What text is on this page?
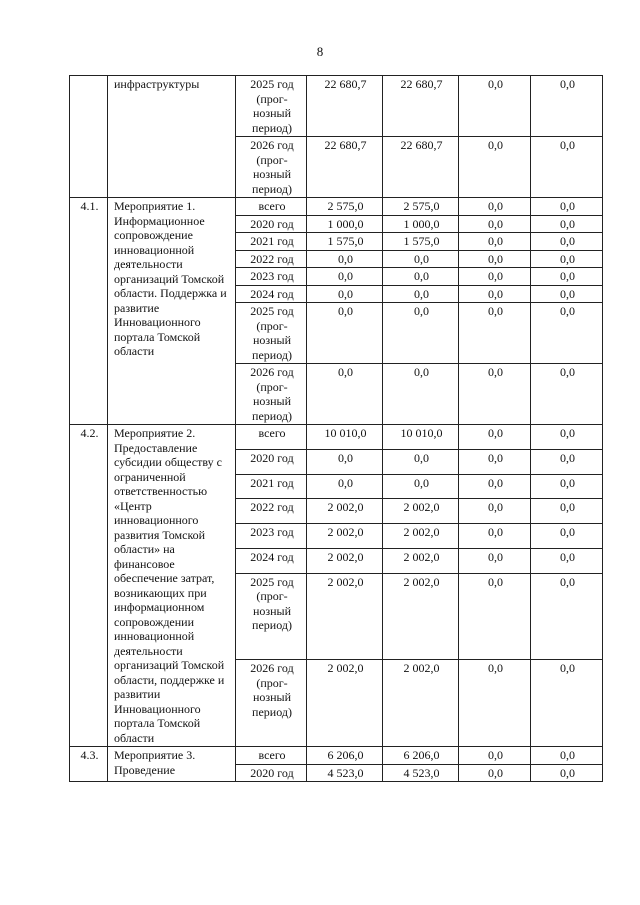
8
	инфраструктуры	2025 год
(прог-
нозный
период)	22 680,7	22 680,7	0,0	0,0
		2026 год
(прог-
нозный
период)	22 680,7	22 680,7	0,0	0,0
4.1.	Мероприятие 1. Информационное сопровождение инновационной деятельности организаций Томской области. Поддержка и развитие Инновационного портала Томской области	всего	2 575,0	2 575,0	0,0	0,0
		2020 год	1 000,0	1 000,0	0,0	0,0
		2021 год	1 575,0	1 575,0	0,0	0,0
		2022 год	0,0	0,0	0,0	0,0
		2023 год	0,0	0,0	0,0	0,0
		2024 год	0,0	0,0	0,0	0,0
		2025 год
(прог-
нозный
период)	0,0	0,0	0,0	0,0
		2026 год
(прог-
нозный
период)	0,0	0,0	0,0	0,0
4.2.	Мероприятие 2. Предоставление субсидии обществу с ограниченной ответственностью «Центр инновационного развития Томской области» на финансовое обеспечение затрат, возникающих при информационном сопровождении инновационной деятельности организаций Томской области, поддержке и развитии Инновационного портала Томской области	всего	10 010,0	10 010,0	0,0	0,0
		2020 год	0,0	0,0	0,0	0,0
		2021 год	0,0	0,0	0,0	0,0
		2022 год	2 002,0	2 002,0	0,0	0,0
		2023 год	2 002,0	2 002,0	0,0	0,0
		2024 год	2 002,0	2 002,0	0,0	0,0
		2025 год
(прог-
нозный
период)	2 002,0	2 002,0	0,0	0,0
		2026 год
(прог-
нозный
период)	2 002,0	2 002,0	0,0	0,0
4.3.	Мероприятие 3. Проведение	всего	6 206,0	6 206,0	0,0	0,0
		2020 год	4 523,0	4 523,0	0,0	0,0
